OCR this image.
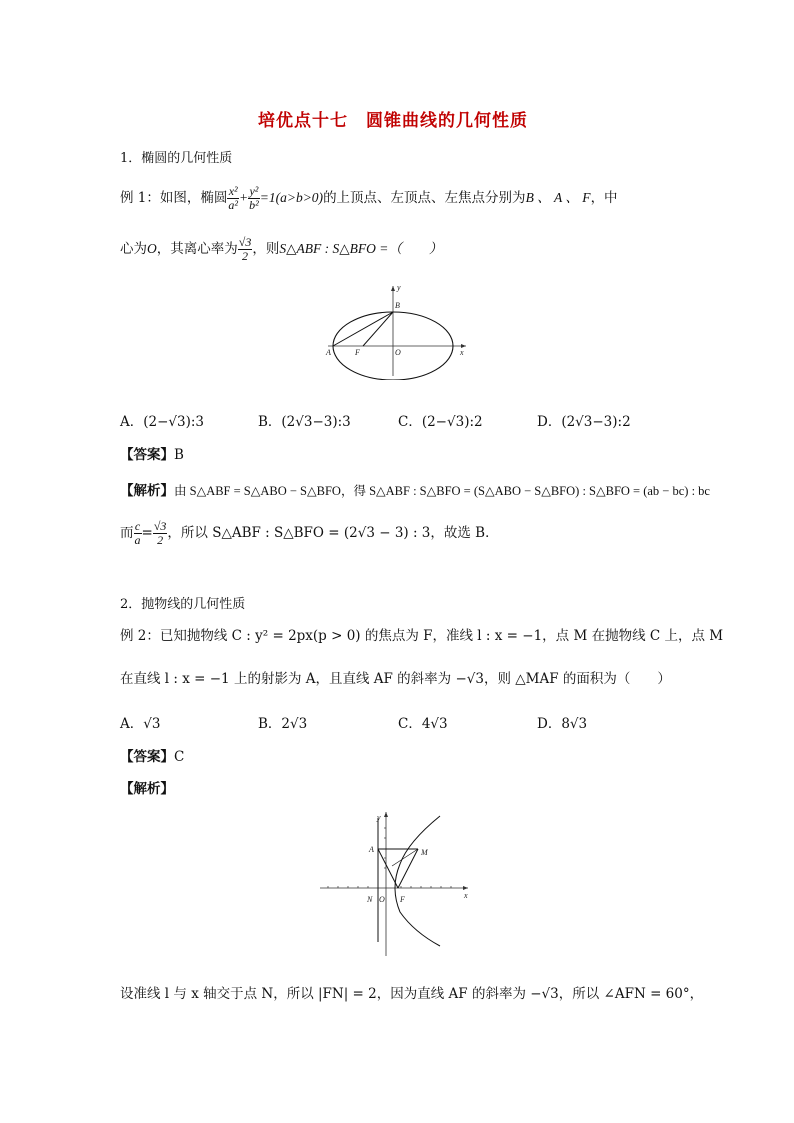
培优点十七　圆锥曲线的几何性质
1．椭圆的几何性质
例 1：如图，椭圆 $\frac{\text{x²}}{\text{a²}} + \frac{\text{y²}}{\text{b²}} =1(a>b>0)$的上顶点、左顶点、左焦点分别为B 、 A 、 F，中
心为O，其离心率为 $\frac{√3}{2}$ ，则S△ABF : S△BFO =（　　）
y
B
A	F	O	x
A．(2−√3):3	B．(2√3−3):3	C．(2−√3):2	D．(2√3−3):2
【答案】B
【解析】由 S△ABF = S△ABO − S△BFO，得 S△ABF : S△BFO = (S△ABO − S△BFO) : S△BFO = (ab − bc) : bc
而 $\frac{c}{a} = \frac{√3}{2}$ ，所以 S△ABF : S△BFO = (2√3 − 3) : 3，故选 B．
2．抛物线的几何性质
例 2：已知抛物线 C : y² = 2px(p > 0) 的焦点为 F，准线 l : x = −1，点 M 在抛物线 C 上，点 M
在直线 l : x = −1 上的射影为 A，且直线 AF 的斜率为 −√3，则 △MAF 的面积为（　　）
A．√3	B．2√3	C．4√3	D．8√3
【答案】C
【解析】
y
A	M
N O F	x
设准线 l 与 x 轴交于点 N，所以 |FN| = 2，因为直线 AF 的斜率为 −√3，所以 ∠AFN = 60°，
